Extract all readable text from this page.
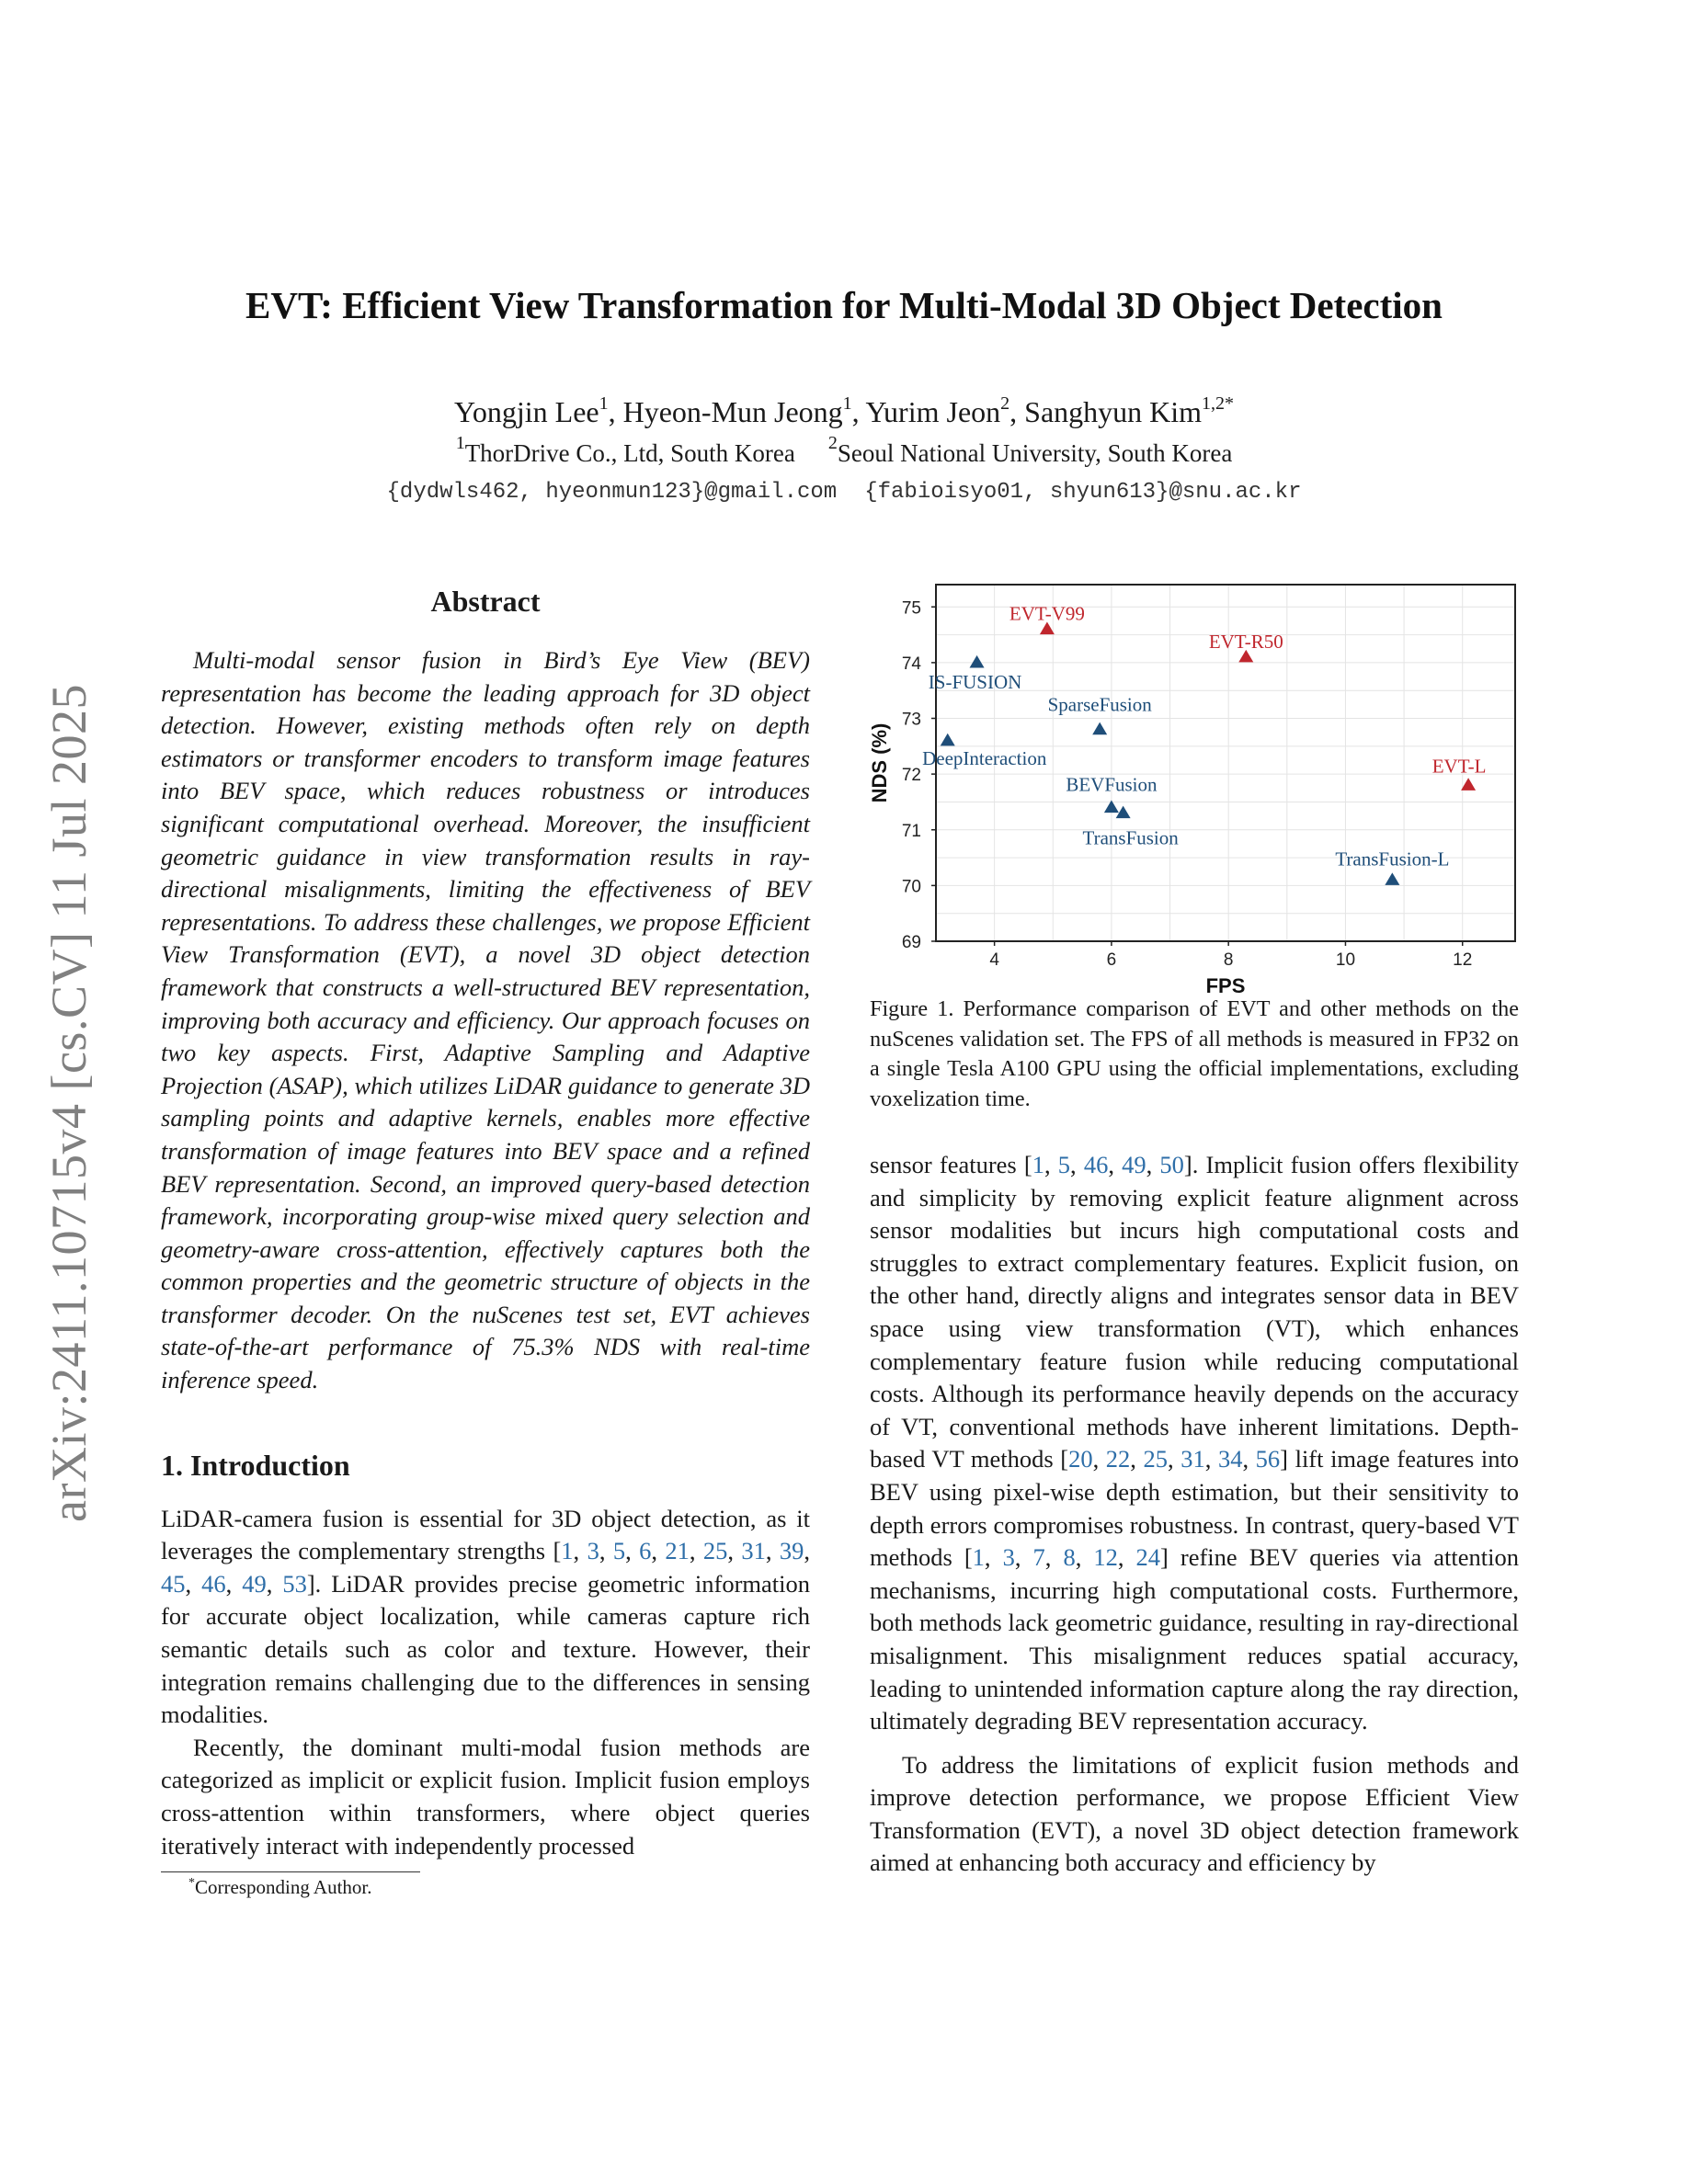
arXiv:2411.10715v4 [cs.CV] 11 Jul 2025
EVT: Efficient View Transformation for Multi-Modal 3D Object Detection
Yongjin Lee$^1$, Hyeon-Mun Jeong$^1$, Yurim Jeon$^2$, Sanghyun Kim$^{1,2*}$
$^1$ThorDrive Co., Ltd, South Korea $^2$Seoul National University, South Korea
{dydwls462, hyeonmun123}@gmail.com {fabioisyo01, shyun613}@snu.ac.kr
Abstract

Multi-modal sensor fusion in Bird’s Eye View (BEV) representation has become the leading approach for 3D object detection. However, existing methods often rely on depth estimators or transformer encoders to transform image features into BEV space, which reduces robustness or introduces significant computational overhead. Moreover, the insufficient geometric guidance in view transformation results in ray-directional misalignments, limiting the effectiveness of BEV representations. To address these challenges, we propose Efficient View Transformation (EVT), a novel 3D object detection framework that constructs a well-structured BEV representation, improving both accuracy and efficiency. Our approach focuses on two key aspects. First, Adaptive Sampling and Adaptive Projection (ASAP), which utilizes LiDAR guidance to generate 3D sampling points and adaptive kernels, enables more effective transformation of image features into BEV space and a refined BEV representation. Second, an improved query-based detection framework, incorporating group-wise mixed query selection and geometry-aware cross-attention, effectively captures both the common properties and the geometric structure of objects in the transformer decoder. On the nuScenes test set, EVT achieves state-of-the-art performance of 75.3% NDS with real-time inference speed.

1. Introduction

LiDAR-camera fusion is essential for 3D object detection, as it leverages the complementary strengths [1, 3, 5, 6, 21, 25, 31, 39, 45, 46, 49, 53]. LiDAR provides precise geometric information for accurate object localization, while cameras capture rich semantic details such as color and texture. However, their integration remains challenging due to the differences in sensing modalities.

Recently, the dominant multi-modal fusion methods are categorized as implicit or explicit fusion. Implicit fusion employs cross-attention within transformers, where object queries iteratively interact with independently processed

*Corresponding Author.
4	6	8	10	12
69
70
71
72
73
74
75
FPS
NDS (%)
EVT-V99
EVT-R50
EVT-L
IS-FUSION
SparseFusion
DeepInteraction
BEVFusion
TransFusion
TransFusion-L

Figure 1. Performance comparison of EVT and other methods on the nuScenes validation set. The FPS of all methods is measured in FP32 on a single Tesla A100 GPU using the official implementations, excluding voxelization time.

sensor features [1, 5, 46, 49, 50]. Implicit fusion offers flexibility and simplicity by removing explicit feature alignment across sensor modalities but incurs high computational costs and struggles to extract complementary features. Explicit fusion, on the other hand, directly aligns and integrates sensor data in BEV space using view transformation (VT), which enhances complementary feature fusion while reducing computational costs. Although its performance heavily depends on the accuracy of VT, conventional methods have inherent limitations. Depth-based VT methods [20, 22, 25, 31, 34, 56] lift image features into BEV using pixel-wise depth estimation, but their sensitivity to depth errors compromises robustness. In contrast, query-based VT methods [1, 3, 7, 8, 12, 24] refine BEV queries via attention mechanisms, incurring high computational costs. Furthermore, both methods lack geometric guidance, resulting in ray-directional misalignment. This misalignment reduces spatial accuracy, leading to unintended information capture along the ray direction, ultimately degrading BEV representation accuracy.

To address the limitations of explicit fusion methods and improve detection performance, we propose Efficient View Transformation (EVT), a novel 3D object detection framework aimed at enhancing both accuracy and efficiency by
